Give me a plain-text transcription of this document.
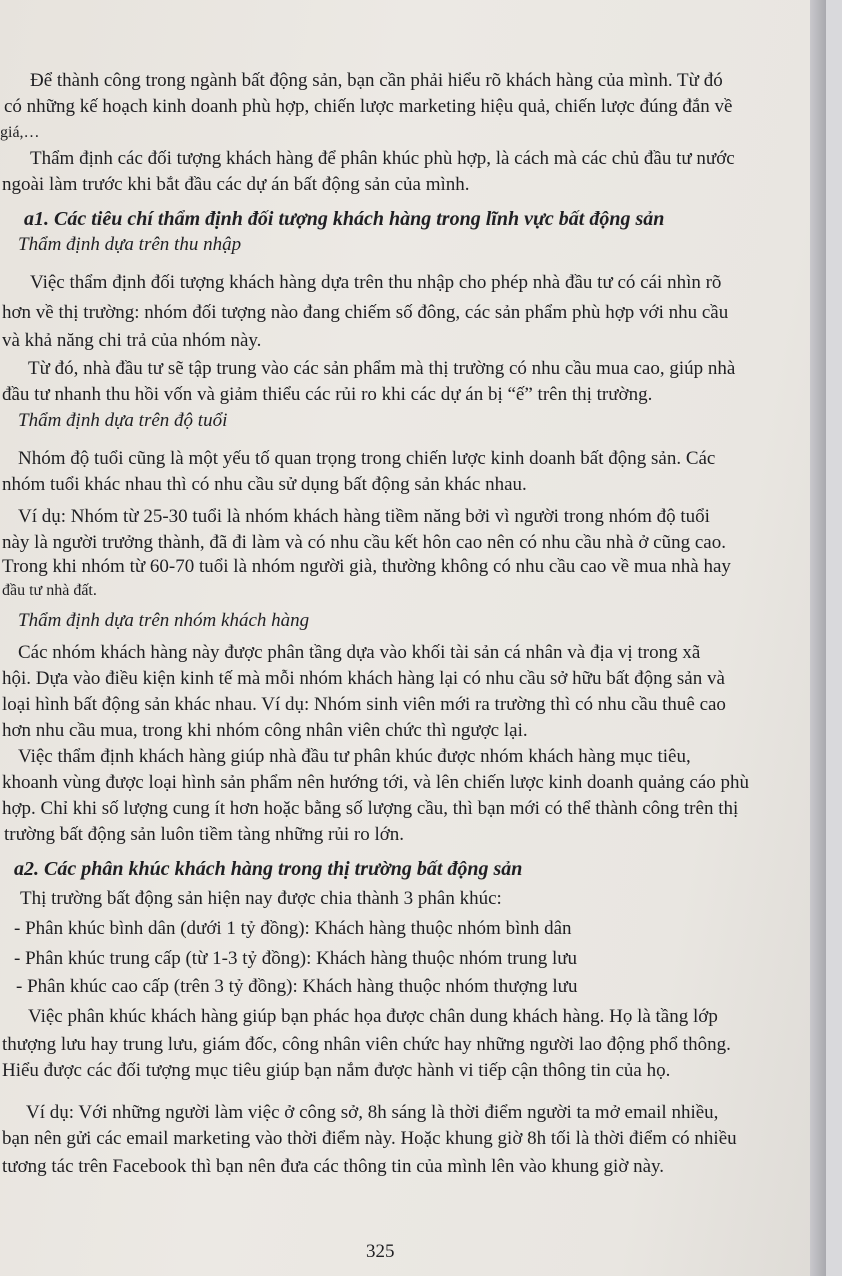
Để thành công trong ngành bất động sản, bạn cần phải hiểu rõ khách hàng của mình. Từ đó
có những kế hoạch kinh doanh phù hợp, chiến lược marketing hiệu quả, chiến lược đúng đắn về
giá,…
Thẩm định các đối tượng khách hàng để phân khúc phù hợp, là cách mà các chủ đầu tư nước
ngoài làm trước khi bắt đầu các dự án bất động sản của mình.
a1. Các tiêu chí thẩm định đối tượng khách hàng trong lĩnh vực bất động sản
Thẩm định dựa trên thu nhập
Việc thẩm định đối tượng khách hàng dựa trên thu nhập cho phép nhà đầu tư có cái nhìn rõ
hơn về thị trường: nhóm đối tượng nào đang chiếm số đông, các sản phẩm phù hợp với nhu cầu
và khả năng chi trả của nhóm này.
Từ đó, nhà đầu tư sẽ tập trung vào các sản phẩm mà thị trường có nhu cầu mua cao, giúp nhà
đầu tư nhanh thu hồi vốn và giảm thiểu các rủi ro khi các dự án bị “ế” trên thị trường.
Thẩm định dựa trên độ tuổi
Nhóm độ tuổi cũng là một yếu tố quan trọng trong chiến lược kinh doanh bất động sản. Các
nhóm tuổi khác nhau thì có nhu cầu sử dụng bất động sản khác nhau.
Ví dụ: Nhóm từ 25-30 tuổi là nhóm khách hàng tiềm năng bởi vì người trong nhóm độ tuổi
này là người trưởng thành, đã đi làm và có nhu cầu kết hôn cao nên có nhu cầu nhà ở cũng cao.
Trong khi nhóm từ 60-70 tuổi là nhóm người già, thường không có nhu cầu cao về mua nhà hay
đầu tư nhà đất.
Thẩm định dựa trên nhóm khách hàng
Các nhóm khách hàng này được phân tầng dựa vào khối tài sản cá nhân và địa vị trong xã
hội. Dựa vào điều kiện kinh tế mà mỗi nhóm khách hàng lại có nhu cầu sở hữu bất động sản và
loại hình bất động sản khác nhau. Ví dụ: Nhóm sinh viên mới ra trường thì có nhu cầu thuê cao
hơn nhu cầu mua, trong khi nhóm công nhân viên chức thì ngược lại.
Việc thẩm định khách hàng giúp nhà đầu tư phân khúc được nhóm khách hàng mục tiêu,
khoanh vùng được loại hình sản phẩm nên hướng tới, và lên chiến lược kinh doanh quảng cáo phù
hợp. Chỉ khi số lượng cung ít hơn hoặc bằng số lượng cầu, thì bạn mới có thể thành công trên thị
trường bất động sản luôn tiềm tàng những rủi ro lớn.
a2. Các phân khúc khách hàng trong thị trường bất động sản
Thị trường bất động sản hiện nay được chia thành 3 phân khúc:
- Phân khúc bình dân (dưới 1 tỷ đồng): Khách hàng thuộc nhóm bình dân
- Phân khúc trung cấp (từ 1-3 tỷ đồng): Khách hàng thuộc nhóm trung lưu
- Phân khúc cao cấp (trên 3 tỷ đồng): Khách hàng thuộc nhóm thượng lưu
Việc phân khúc khách hàng giúp bạn phác họa được chân dung khách hàng. Họ là tầng lớp
thượng lưu hay trung lưu, giám đốc, công nhân viên chức hay những người lao động phổ thông.
Hiểu được các đối tượng mục tiêu giúp bạn nắm được hành vi tiếp cận thông tin của họ.
Ví dụ: Với những người làm việc ở công sở, 8h sáng là thời điểm người ta mở email nhiều,
bạn nên gửi các email marketing vào thời điểm này. Hoặc khung giờ 8h tối là thời điểm có nhiều
tương tác trên Facebook thì bạn nên đưa các thông tin của mình lên vào khung giờ này.
325
